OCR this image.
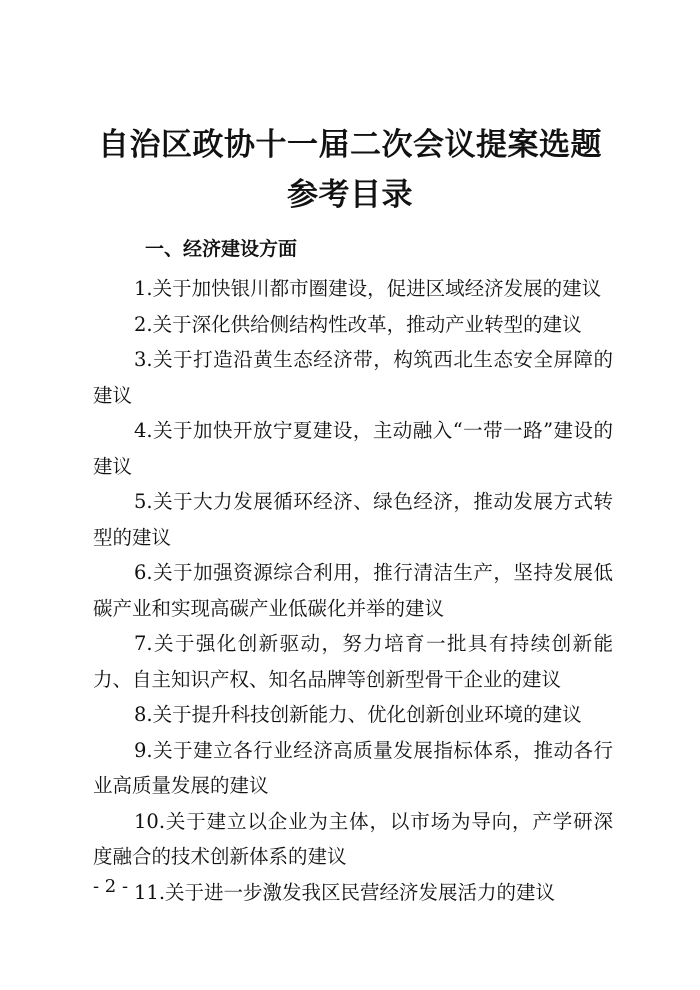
自治区政协十一届二次会议提案选题
参考目录
一、经济建设方面
1.关于加快银川都市圈建设，促进区域经济发展的建议
2.关于深化供给侧结构性改革，推动产业转型的建议
3.关于打造沿黄生态经济带，构筑西北生态安全屏障的建议
4.关于加快开放宁夏建设，主动融入“一带一路”建设的建议
5.关于大力发展循环经济、绿色经济，推动发展方式转型的建议
6.关于加强资源综合利用，推行清洁生产，坚持发展低碳产业和实现高碳产业低碳化并举的建议
7.关于强化创新驱动，努力培育一批具有持续创新能力、自主知识产权、知名品牌等创新型骨干企业的建议
8.关于提升科技创新能力、优化创新创业环境的建议
9.关于建立各行业经济高质量发展指标体系，推动各行业高质量发展的建议
10.关于建立以企业为主体，以市场为导向，产学研深度融合的技术创新体系的建议
11.关于进一步激发我区民营经济发展活力的建议
- 2 -
